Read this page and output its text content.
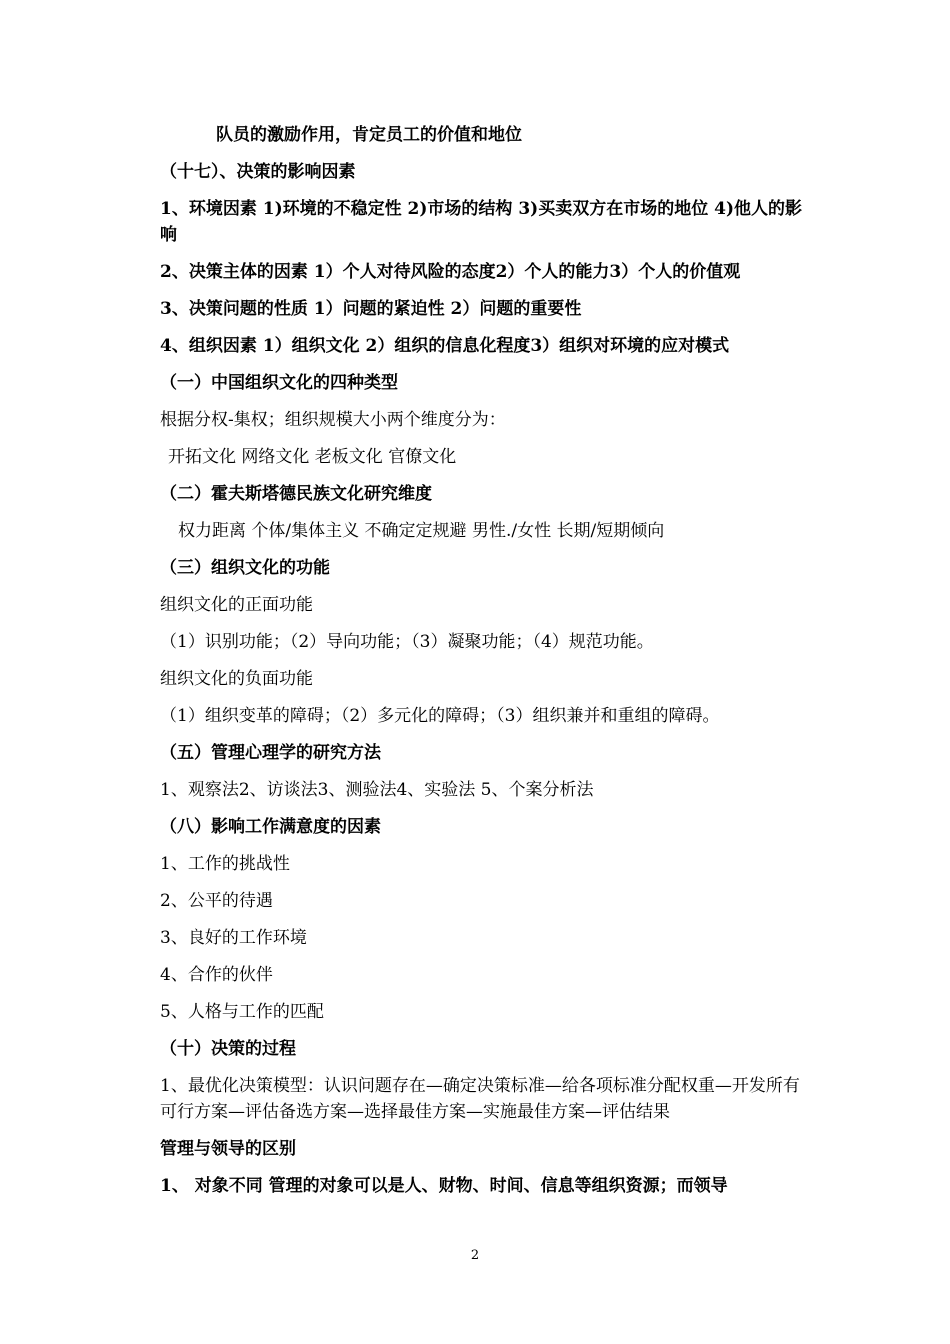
队员的激励作用，肯定员工的价值和地位

（十七）、决策的影响因素

1、环境因素 1)环境的不稳定性 2)市场的结构 3)买卖双方在市场的地位 4)他人的影响

2、决策主体的因素 1）个人对待风险的态度2）个人的能力3）个人的价值观

3、决策问题的性质 1）问题的紧迫性 2）问题的重要性

4、组织因素 1）组织文化 2）组织的信息化程度3）组织对环境的应对模式

（一）中国组织文化的四种类型

根据分权-集权；组织规模大小两个维度分为：

开拓文化 网络文化 老板文化 官僚文化

（二）霍夫斯塔德民族文化研究维度

权力距离 个体/集体主义 不确定定规避 男性./女性 长期/短期倾向

（三）组织文化的功能

组织文化的正面功能

（1）识别功能；（2）导向功能；（3）凝聚功能；（4）规范功能。

组织文化的负面功能

（1）组织变革的障碍；（2）多元化的障碍；（3）组织兼并和重组的障碍。

（五）管理心理学的研究方法

1、观察法2、访谈法3、测验法4、实验法 5、个案分析法

（八）影响工作满意度的因素

1、工作的挑战性

2、公平的待遇

3、良好的工作环境

4、合作的伙伴

5、人格与工作的匹配

（十）决策的过程

1、最优化决策模型：认识问题存在—确定决策标准—给各项标准分配权重—开发所有可行方案—评估备选方案—选择最佳方案—实施最佳方案—评估结果

管理与领导的区别

1、 对象不同 管理的对象可以是人、财物、时间、信息等组织资源；而领导

2
